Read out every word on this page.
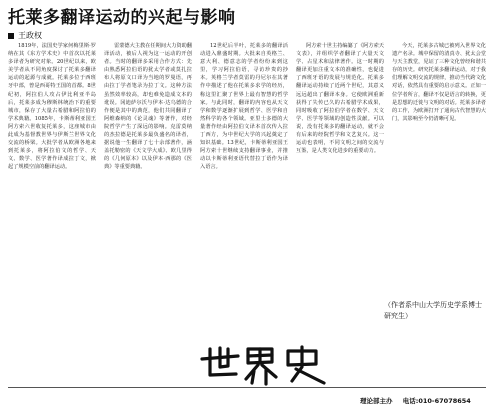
托莱多翻译运动的兴起与影响
王政权

1819年，法国史学家何梅里斯·罗纳在其《东方学术史》中首次以托莱多译者为研究对象。20世纪以来，欧美学者从不同角度探讨了托莱多翻译运动的起源与成就。托莱多位于西班牙中部，曾是西哥特王国的首都。8世纪初，阿拉伯人攻占伊比利亚半岛后，托莱多成为穆斯林统治下的重要城市，保存了大量古希腊和阿拉伯的学术典籍。1085年，卡斯蒂利亚国王阿方索六世收复托莱多，这座城市由此成为基督教世界与伊斯兰世界文化交流的桥梁。大批学者从欧洲各地来到托莱多，将阿拉伯文的哲学、天文、数学、医学著作译成拉丁文，掀起了规模空前的翻译运动。

雷蒙德大主教在任期间大力资助翻译活动，被后人视为这一运动的开创者。当时的翻译多采用合作方式：先由熟悉阿拉伯语的犹太学者或莫扎拉布人将原文口译为当地的罗曼语，再由拉丁学者笔录为拉丁文。这种方法虽然效率较高，却也难免造成文本的讹误。冈迪萨尔沃与伊本·达乌德的合作便是其中的典范，他们共同翻译了阿维森纳的《论灵魂》等著作，对经院哲学产生了深远的影响。克雷莫纳的杰拉德是托莱多最负盛名的译者，据说他一生翻译了七十余部著作，涵盖托勒密的《天文学大成》、欧几里得的《几何原本》以及伊本·西那的《医典》等重要典籍。

12世纪后半叶，托莱多的翻译活动进入鼎盛时期。大批来自英格兰、意大利、德意志的学者纷纷来到这里，学习阿拉伯语，寻访珍贵的抄本。英格兰学者莫雷的丹尼尔在其著作中描述了他在托莱多求学的经历，称这里汇聚了世界上最有智慧的哲学家。与此同时，翻译的内容也从天文学和数学逐渐扩展到哲学、医学和自然科学的各个领域。亚里士多德的大量著作经由阿拉伯文译本首次传入拉丁西方，为中世纪大学的兴起奠定了知识基础。13世纪，卡斯蒂利亚国王阿方索十世继续支持翻译事业，并推动以卡斯蒂利亚语代替拉丁语作为译入语言。

阿方索十世主持编纂了《阿方索天文表》，并组织学者翻译了大量天文学、占星术和法律著作。这一时期的翻译更加注重文本的准确性，也促进了西班牙语的发展与规范化。托莱多翻译运动持续了近两个世纪，其意义远远超出了翻译本身。它使欧洲重新获得了失传已久的古希腊学术成果，同时吸收了阿拉伯学者在数学、天文学、医学等领域的创造性贡献。可以说，没有托莱多的翻译运动，就不会有后来的经院哲学和文艺复兴。这一运动也表明，不同文明之间的交流与互鉴，是人类文化进步的重要动力。

今天，托莱多古城已被列入世界文化遗产名录。城中保留的清真寺、犹太会堂与天主教堂，见证了三种文化曾经和谐共存的历史。研究托莱多翻译运动，对于我们理解文明交流的规律，推动当代跨文化对话，依然具有重要的启示意义。正如一位学者所言，翻译不仅是语言的转换，更是思想的迁徙与文明的对话。托莱多译者的工作，为欧洲打开了通向古代智慧的大门，其影响至今仍清晰可见。

（作者系中山大学历史学系博士研究生）
理论部主办 电话:010-67078654
